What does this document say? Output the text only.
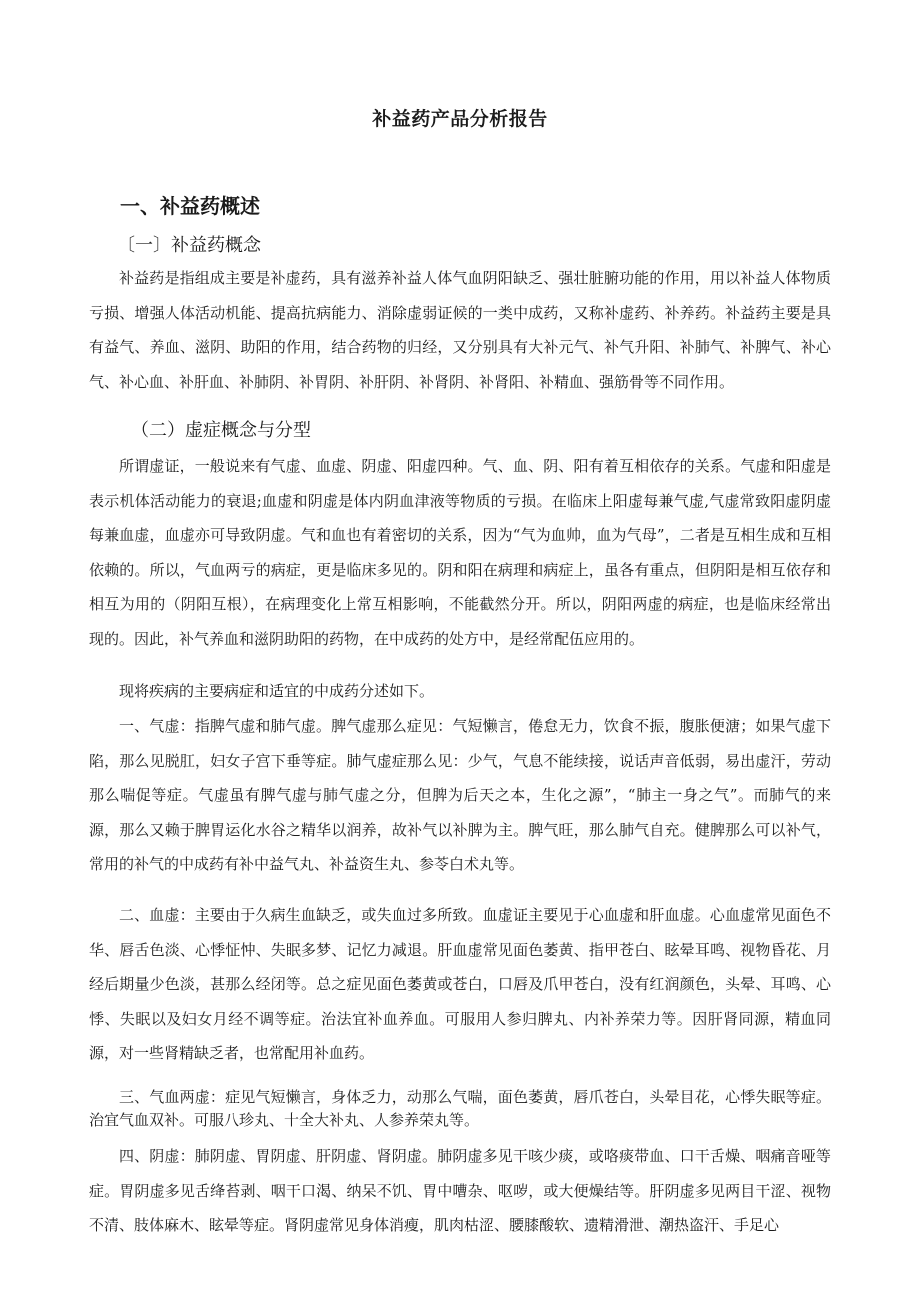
补益药产品分析报告
一、补益药概述
〔一〕补益药概念
补益药是指组成主要是补虚药，具有滋养补益人体气血阴阳缺乏、强壮脏腑功能的作用，用以补益人体物质亏损、增强人体活动机能、提高抗病能力、消除虚弱证候的一类中成药，又称补虚药、补养药。补益药主要是具有益气、养血、滋阴、助阳的作用，结合药物的归经，又分别具有大补元气、补气升阳、补肺气、补脾气、补心气、补心血、补肝血、补肺阴、补胃阴、补肝阴、补肾阴、补肾阳、补精血、强筋骨等不同作用。
（二）虚症概念与分型
所谓虚证，一般说来有气虚、血虚、阴虚、阳虚四种。气、血、阴、阳有着互相依存的关系。气虚和阳虚是表示机体活动能力的衰退;血虚和阴虚是体内阴血津液等物质的亏损。在临床上阳虚每兼气虚,气虚常致阳虚阴虚每兼血虚，血虚亦可导致阴虚。气和血也有着密切的关系，因为“气为血帅，血为气母”，二者是互相生成和互相依赖的。所以，气血两亏的病症，更是临床多见的。阴和阳在病理和病症上，虽各有重点，但阴阳是相互依存和相互为用的（阴阳互根），在病理变化上常互相影响，不能截然分开。所以，阴阳两虚的病症，也是临床经常出现的。因此，补气养血和滋阴助阳的药物，在中成药的处方中，是经常配伍应用的。
现将疾病的主要病症和适宜的中成药分述如下。
一、气虚：指脾气虚和肺气虚。脾气虚那么症见：气短懒言，倦怠无力，饮食不振，腹胀便溏；如果气虚下陷，那么见脱肛，妇女子宫下垂等症。肺气虚症那么见：少气，气息不能续接，说话声音低弱，易出虚汗，劳动那么喘促等症。气虚虽有脾气虚与肺气虚之分，但脾为后天之本，生化之源”，“肺主一身之气”。而肺气的来源，那么又赖于脾胃运化水谷之精华以润养，故补气以补脾为主。脾气旺，那么肺气自充。健脾那么可以补气，常用的补气的中成药有补中益气丸、补益资生丸、参苓白术丸等。
二、血虚：主要由于久病生血缺乏，或失血过多所致。血虚证主要见于心血虚和肝血虚。心血虚常见面色不华、唇舌色淡、心悸怔忡、失眠多梦、记忆力减退。肝血虚常见面色萎黄、指甲苍白、眩晕耳鸣、视物昏花、月经后期量少色淡，甚那么经闭等。总之症见面色萎黄或苍白，口唇及爪甲苍白，没有红润颜色，头晕、耳鸣、心悸、失眠以及妇女月经不调等症。治法宜补血养血。可服用人参归脾丸、内补养荣力等。因肝肾同源，精血同源，对一些肾精缺乏者，也常配用补血药。
三、气血两虚：症见气短懒言，身体乏力，动那么气喘，面色萎黄，唇爪苍白，头晕目花，心悸失眠等症。治宜气血双补。可服八珍丸、十全大补丸、人参养荣丸等。
四、阴虚：肺阴虚、胃阴虚、肝阴虚、肾阴虚。肺阴虚多见干咳少痰，或咯痰带血、口干舌燥、咽痛音哑等症。胃阴虚多见舌绛苔剥、咽干口渴、纳呆不饥、胃中嘈杂、呕哕，或大便燥结等。肝阴虚多见两目干涩、视物不清、肢体麻木、眩晕等症。肾阴虚常见身体消瘦，肌肉枯涩、腰膝酸软、遗精滑泄、潮热盗汗、手足心
